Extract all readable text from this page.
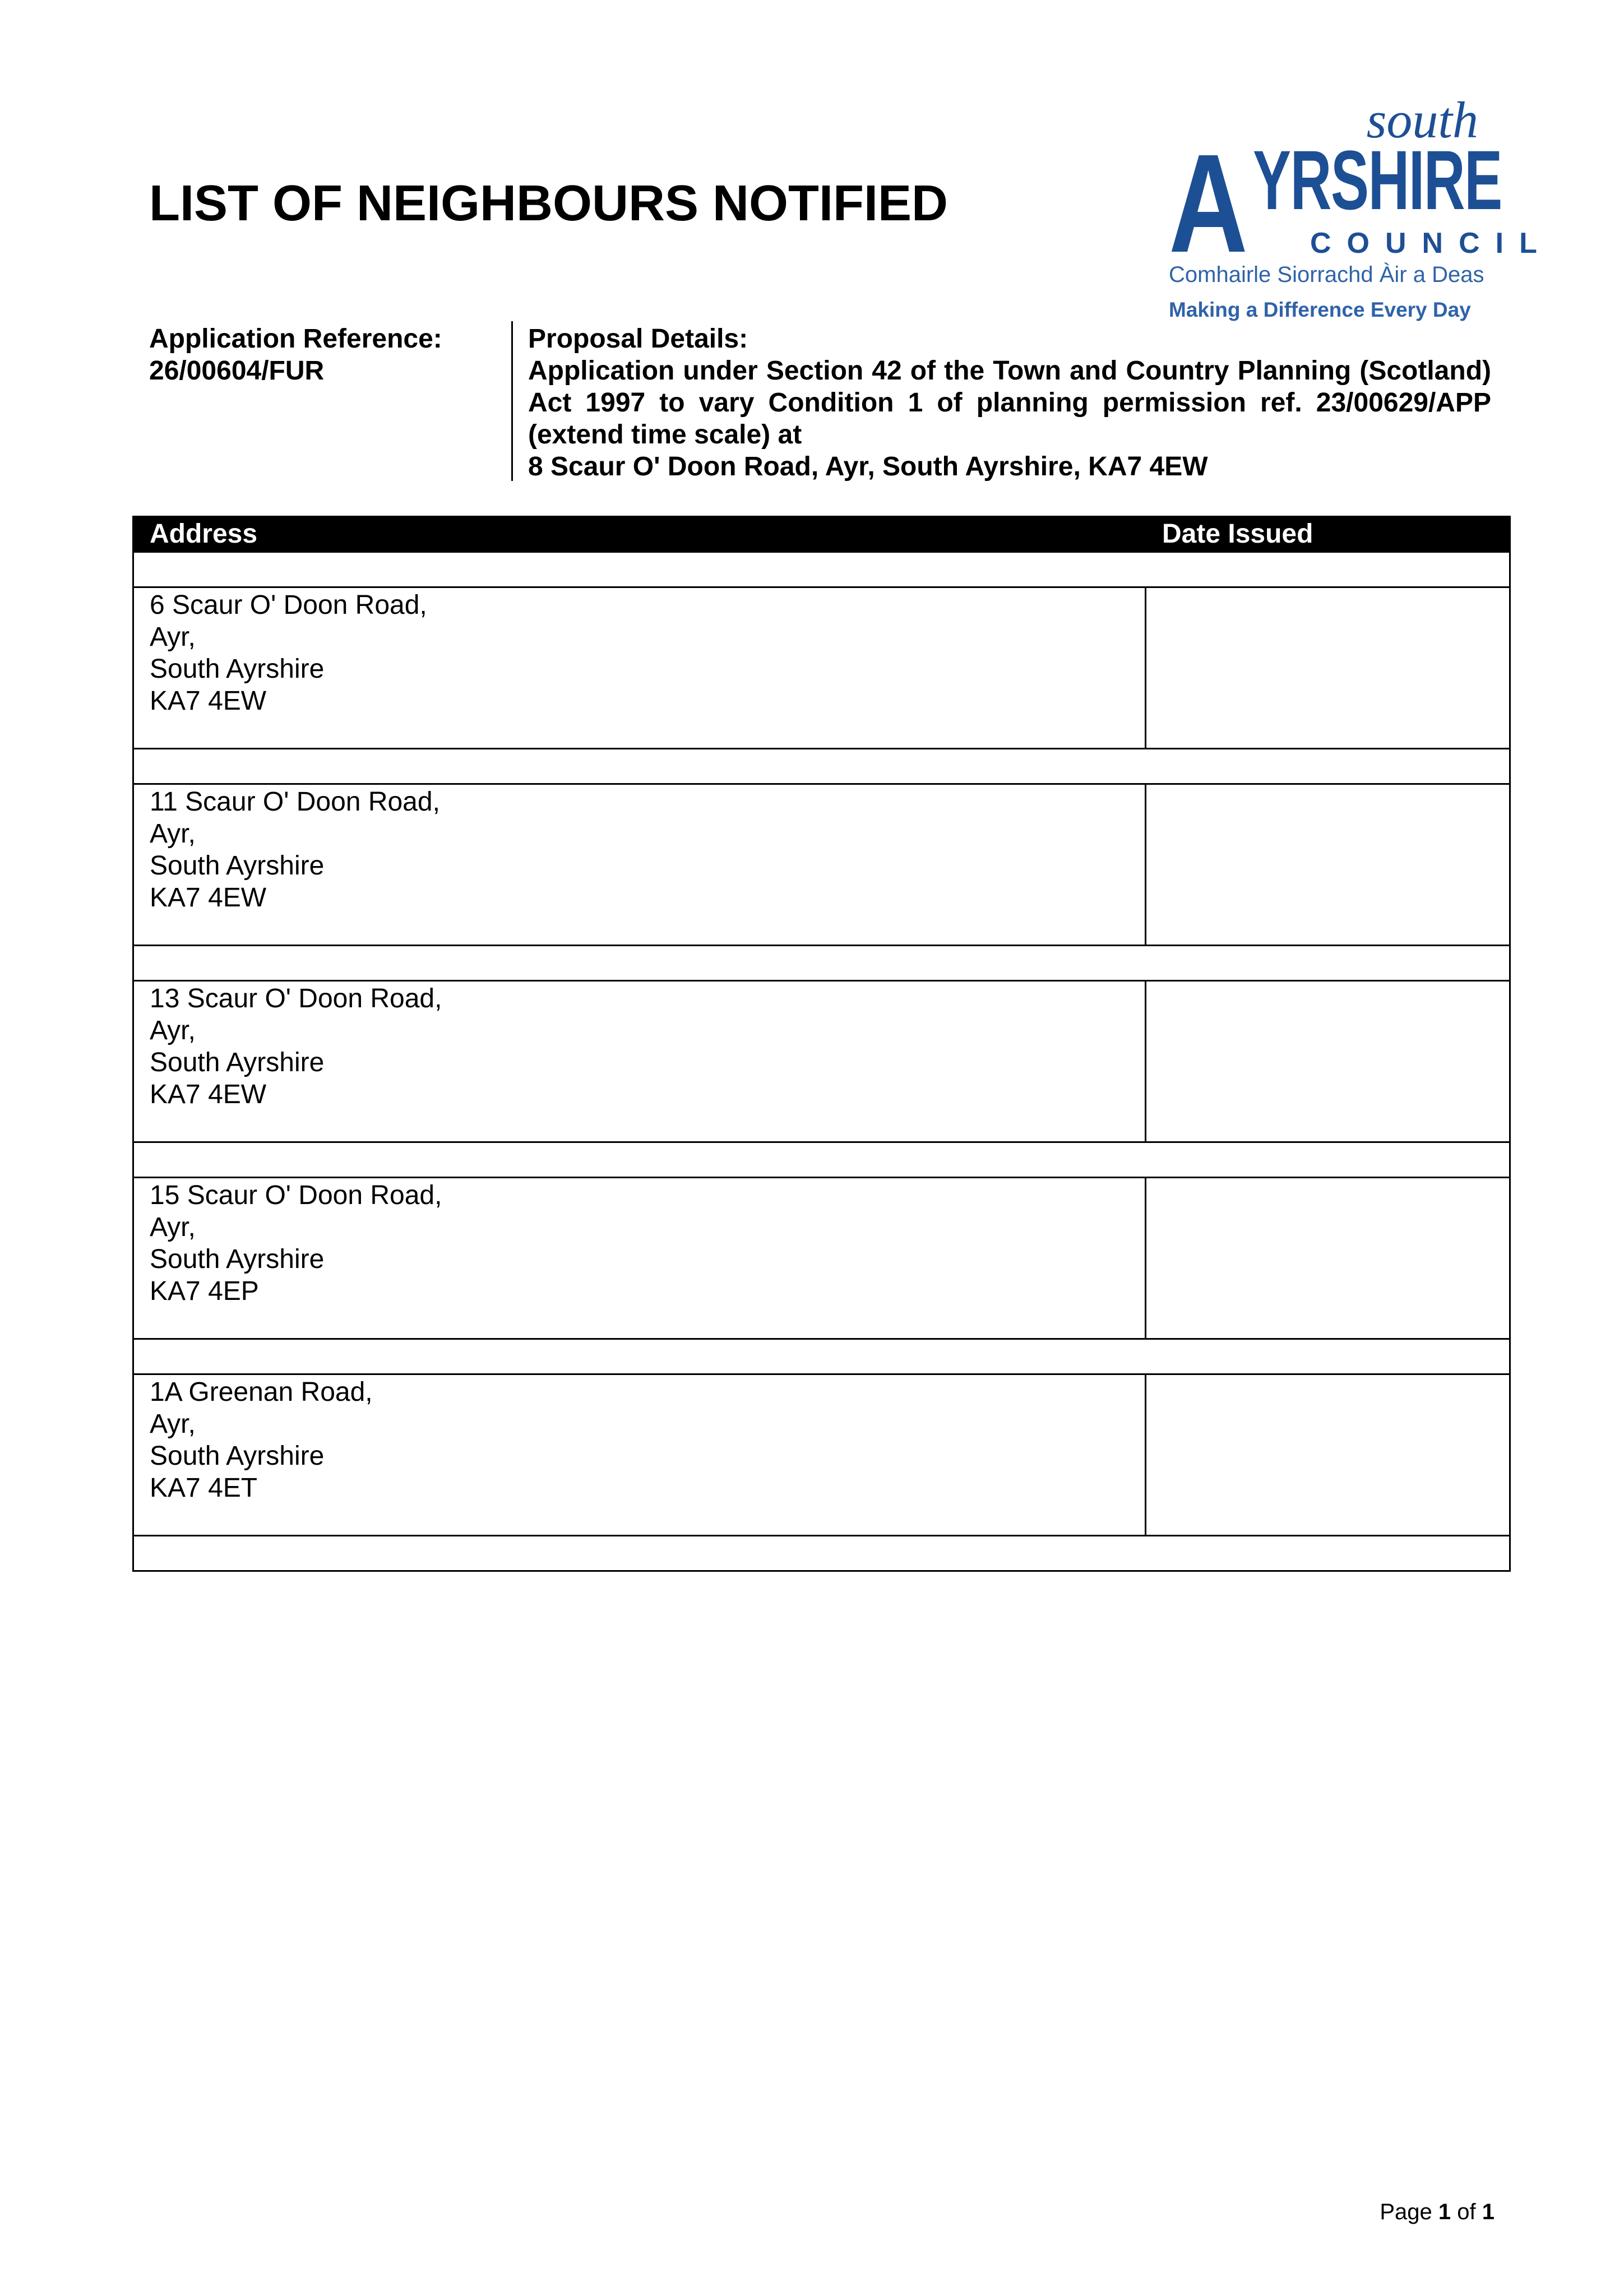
LIST OF NEIGHBOURS NOTIFIED
south
A YRSHIRE
COUNCIL
Comhairle Siorrachd Àir a Deas
Making a Difference Every Day
Application Reference:
26/00604/FUR
Proposal Details:
Application under Section 42 of the Town and Country Planning (Scotland) Act 1997 to vary Condition 1 of planning permission ref. 23/00629/APP (extend time scale) at
8 Scaur O' Doon Road, Ayr, South Ayrshire, KA7 4EW
Address	Date Issued

6 Scaur O' Doon Road,
Ayr,
South Ayrshire
KA7 4EW	

11 Scaur O' Doon Road,
Ayr,
South Ayrshire
KA7 4EW	

13 Scaur O' Doon Road,
Ayr,
South Ayrshire
KA7 4EW	

15 Scaur O' Doon Road,
Ayr,
South Ayrshire
KA7 4EP	

1A Greenan Road,
Ayr,
South Ayrshire
KA7 4ET	

Page 1 of 1
